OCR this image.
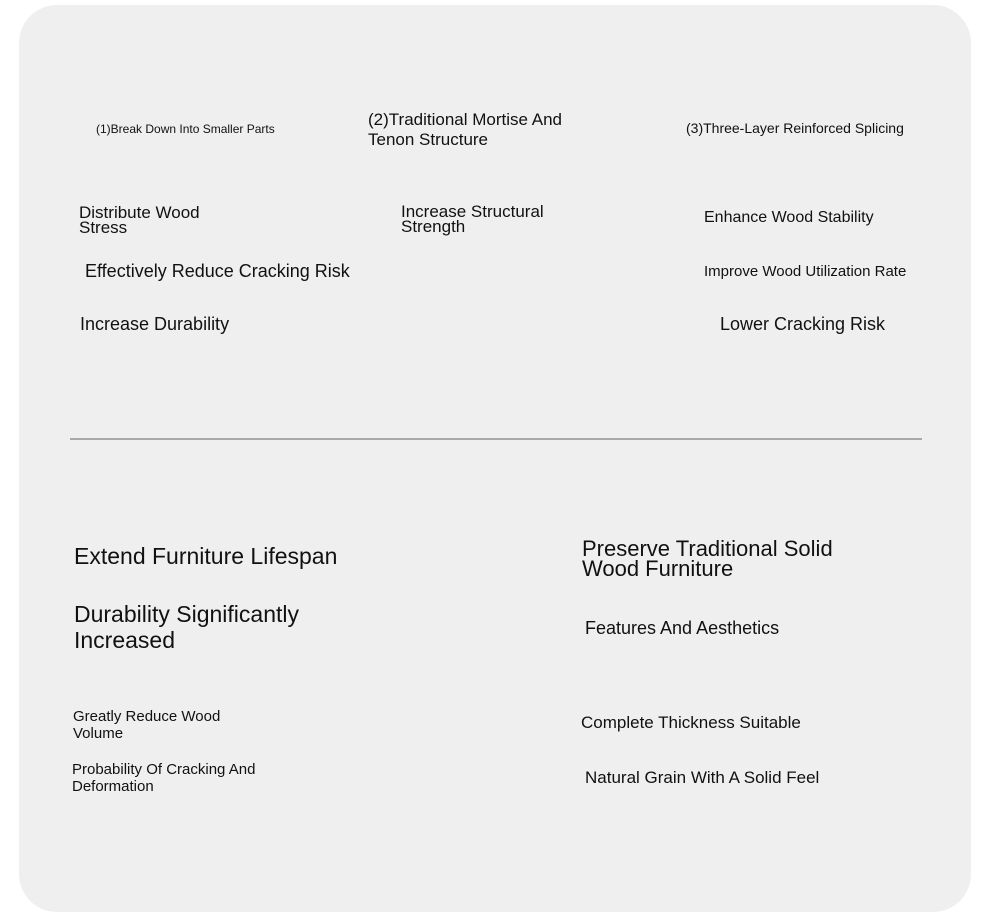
(1)Break Down Into Smaller Parts
Distribute Wood Stress
Effectively Reduce Cracking Risk
Increase Durability
(2)Traditional Mortise And Tenon Structure
Increase Structural Strength
(3)Three-Layer Reinforced Splicing
Enhance Wood Stability
Improve Wood Utilization Rate
Lower Cracking Risk
Extend Furniture Lifespan
Durability Significantly Increased
Greatly Reduce Wood Volume
Probability Of Cracking And Deformation
Preserve Traditional Solid Wood Furniture
Features And Aesthetics
Complete Thickness Suitable
Natural Grain With A Solid Feel
